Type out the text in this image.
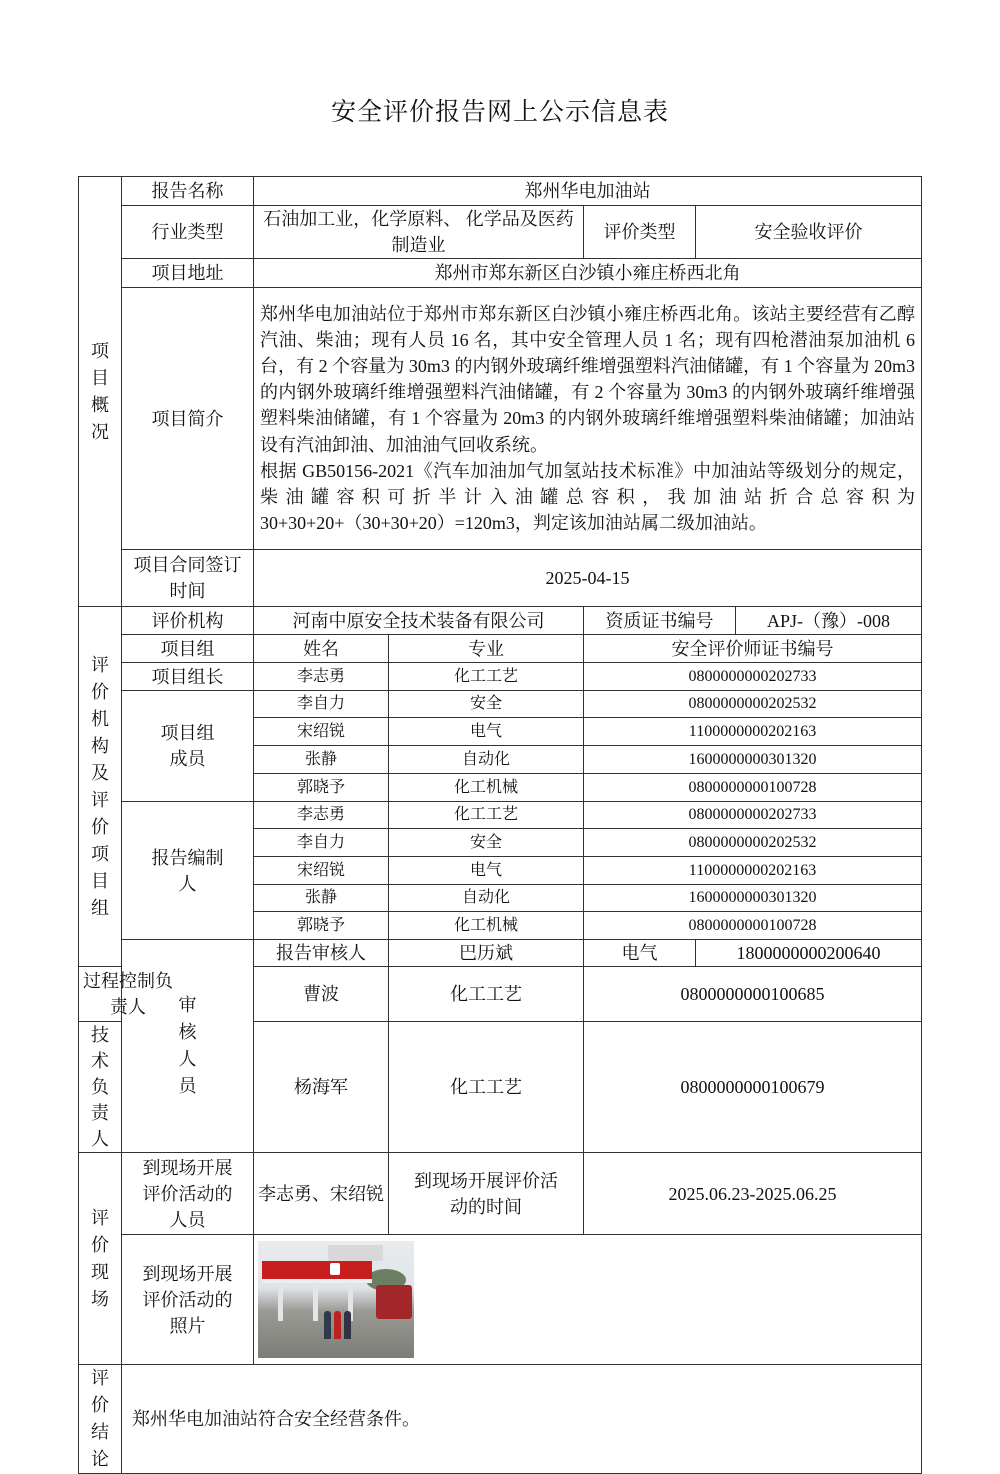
安全评价报告网上公示信息表
项目概况	报告名称	郑州华电加油站				
	行业类型	石油加工业，化学原料、 化学品及医药制造业		评价类型	安全验收评价	
	项目地址	郑州市郑东新区白沙镇小雍庄桥西北角				
	项目简介	郑州华电加油站位于郑州市郑东新区白沙镇小雍庄桥西北角。该站主要经营有乙醇汽油、柴油；现有人员 16 名，其中安全管理人员 1 名；现有四枪潜油泵加油机 6 台，有 2 个容量为 30m3 的内钢外玻璃纤维增强塑料汽油储罐，有 1 个容量为 20m3 的内钢外玻璃纤维增强塑料汽油储罐，有 2 个容量为 30m3 的内钢外玻璃纤维增强塑料柴油储罐，有 1 个容量为 20m3 的内钢外玻璃纤维增强塑料柴油储罐；加油站设有汽油卸油、加油油气回收系统。
根据 GB50156-2021《汽车加油加气加氢站技术标准》中加油站等级划分的规定，柴油罐容积可折半计入油罐总容积，我加油站折合总容积为 30+30+20+（30+30+20）=120m3，判定该加油站属二级加油站。				

	项目合同签订时间	2025-04-15				

评价机构及评价项目组	评价机构	河南中原安全技术装备有限公司		资质证书编号		APJ-（豫）-008
	项目组	姓名	专业	安全评价师证书编号		
	项目组长	李志勇	化工工艺	0800000000202733		

	项目组成员	李自力	安全	0800000000202532		
		宋绍锐	电气	1100000000202163		
		张静	自动化	1600000000301320		
		郭晓予	化工机械	0800000000100728		

	报告编制人	李志勇	化工工艺	0800000000202733		
		李自力	安全	0800000000202532		
		宋绍锐	电气	1100000000202163		
		张静	自动化	1600000000301320		
		郭晓予	化工机械	0800000000100728		

	审核人员	报告审核人	巴历斌	电气	1800000000200640	

过程控制负责人		曹波	化工工艺	0800000000100685		
技术负责人		杨海军	化工工艺	0800000000100679		

评价现场	到现场开展评价活动的人员	李志勇、宋绍锐	到现场开展评价活动的时间	2025.06.23-2025.06.25		

	到现场开展评价活动的照片					

评价结论	郑州华电加油站符合安全经营条件。					
